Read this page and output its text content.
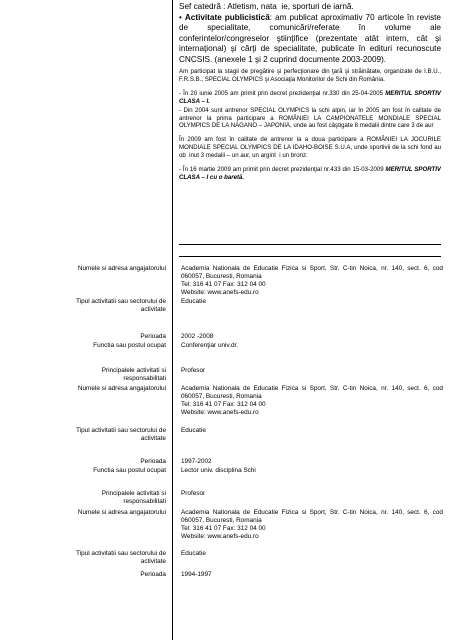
Sef catedră : Atletism, nata  ie, sporturi de iarnă.

• Activitate publicistică: am publicat aproximativ 70 articole în reviste de specialitate, comunicări/referate în volume ale conferintelor/congreselor ştiinţifice (prezentate atât intern, cât şi internaţional) şi cărţi de specialitate, publicate în edituri recunoscute CNCSIS. (anexele 1 şi 2 cuprind documente 2003-2009).

Am participat la stagii de pregătire şi perfecţionare din ţară şi străinătate, organizate de I.B.U., F.R.S.B., SPECIAL OLYMPICS şi Asociaţia Monitorilor de Schi din România.

- În 20 iunie 2005 am primit prin decret prezidenţial nr.330 din 25-04-2005 MERITUL SPORTIV CLASA – I.

- Din 2004 sunt antrenor SPECIAL OLYMPICS la schi alpin, iar în 2005 am fost în calitate de antrenor la prima participare a ROMÂNIEI LA CAMPIONATELE MONDIALE SPECIAL OLYMPICS DE LA NAGANO – JAPONIA, unde au fost câştigate 8 medalii dintre care 3 de aur

În 2009 am fost în calitate de antrenor la a doua participare a ROMÂNIEI LA JOCURILE MONDIALE SPECIAL OLYMPICS DE LA IDAHO-BOISE S.U.A, unde sportivii de la schi fond au ob  inut 3 medalii – un aur, un argint  i un bronz.

- În 16 martie 2009 am primit prin decret prezidenţial nr.433 din 15-03-2009 MERITUL SPORTIV CLASA – I cu o baretă.

Numele si adresa angajatorului Academia Nationala de Educatie Fizica si Sport, Str. C-tin Noica, nr. 140, sect. 6, cod
060057, Bucuresti, Romania
Tel: 316 41 07 Fax: 312 04 00
Website: www.anefs-edu.ro
Tipul activitatii sau sectorului de activitate
Educatie
Perioada 2002 -2008
Functia sau postul ocupat Conferenţiar univ.dr.
Principalele activitati si responsabilitati
Profesor
Numele si adresa angajatorului Academia Nationala de Educatie Fizica si Sport, Str. C-tin Noica, nr. 140, sect. 6, cod
060057, Bucuresti, Romania
Tel: 316 41 07 Fax: 312 04 00
Website: www.anefs-edu.ro
Tipul activitatii sau sectorului de activitate
Educatie
Perioada 1997-2002
Functia sau postul ocupat Lector univ. disciplina Schi
Principalele activitati si responsabilitati
Profesor
Numele si adresa angajatorului Academia Nationala de Educatie Fizica si Sport, Str. C-tin Noica, nr. 140, sect. 6, cod
060057, Bucuresti, Romania
Tel: 316 41 07 Fax: 312 04 00
Website: www.anefs-edu.ro
Tipul activitatii sau sectorului de activitate
Educatie
Perioada 1994-1997
